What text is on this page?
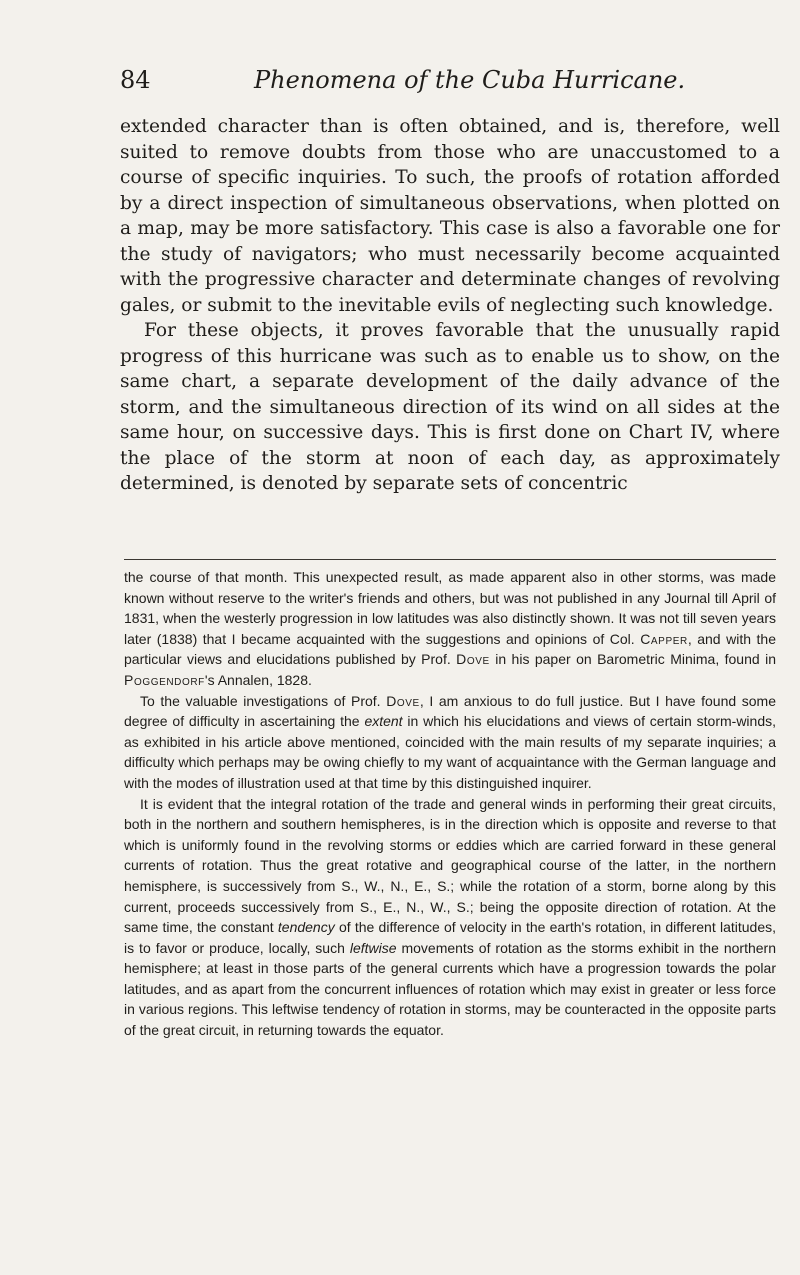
84	Phenomena of the Cuba Hurricane.

extended character than is often obtained, and is, therefore, well suited to remove doubts from those who are unaccustomed to a course of specific inquiries. To such, the proofs of rotation afforded by a direct inspection of simultaneous observations, when plotted on a map, may be more satisfactory. This case is also a favorable one for the study of navigators; who must necessarily become acquainted with the progressive character and determinate changes of revolving gales, or submit to the inevitable evils of neglecting such knowledge.

For these objects, it proves favorable that the unusually rapid progress of this hurricane was such as to enable us to show, on the same chart, a separate development of the daily advance of the storm, and the simultaneous direction of its wind on all sides at the same hour, on successive days. This is first done on Chart IV, where the place of the storm at noon of each day, as approximately determined, is denoted by separate sets of concentric

the course of that month. This unexpected result, as made apparent also in other storms, was made known without reserve to the writer's friends and others, but was not published in any Journal till April of 1831, when the westerly progression in low latitudes was also distinctly shown. It was not till seven years later (1838) that I became acquainted with the suggestions and opinions of Col. Capper, and with the particular views and elucidations published by Prof. Dove in his paper on Barometric Minima, found in Poggendorf's Annalen, 1828.

To the valuable investigations of Prof. Dove, I am anxious to do full justice. But I have found some degree of difficulty in ascertaining the extent in which his elucidations and views of certain storm-winds, as exhibited in his article above mentioned, coincided with the main results of my separate inquiries; a difficulty which perhaps may be owing chiefly to my want of acquaintance with the German language and with the modes of illustration used at that time by this distinguished inquirer.

It is evident that the integral rotation of the trade and general winds in performing their great circuits, both in the northern and southern hemispheres, is in the direction which is opposite and reverse to that which is uniformly found in the revolving storms or eddies which are carried forward in these general currents of rotation. Thus the great rotative and geographical course of the latter, in the northern hemisphere, is successively from S., W., N., E., S.; while the rotation of a storm, borne along by this current, proceeds successively from S., E., N., W., S.; being the opposite direction of rotation. At the same time, the constant tendency of the difference of velocity in the earth's rotation, in different latitudes, is to favor or produce, locally, such leftwise movements of rotation as the storms exhibit in the northern hemisphere; at least in those parts of the general currents which have a progression towards the polar latitudes, and as apart from the concurrent influences of rotation which may exist in greater or less force in various regions. This leftwise tendency of rotation in storms, may be counteracted in the opposite parts of the great circuit, in returning towards the equator.
